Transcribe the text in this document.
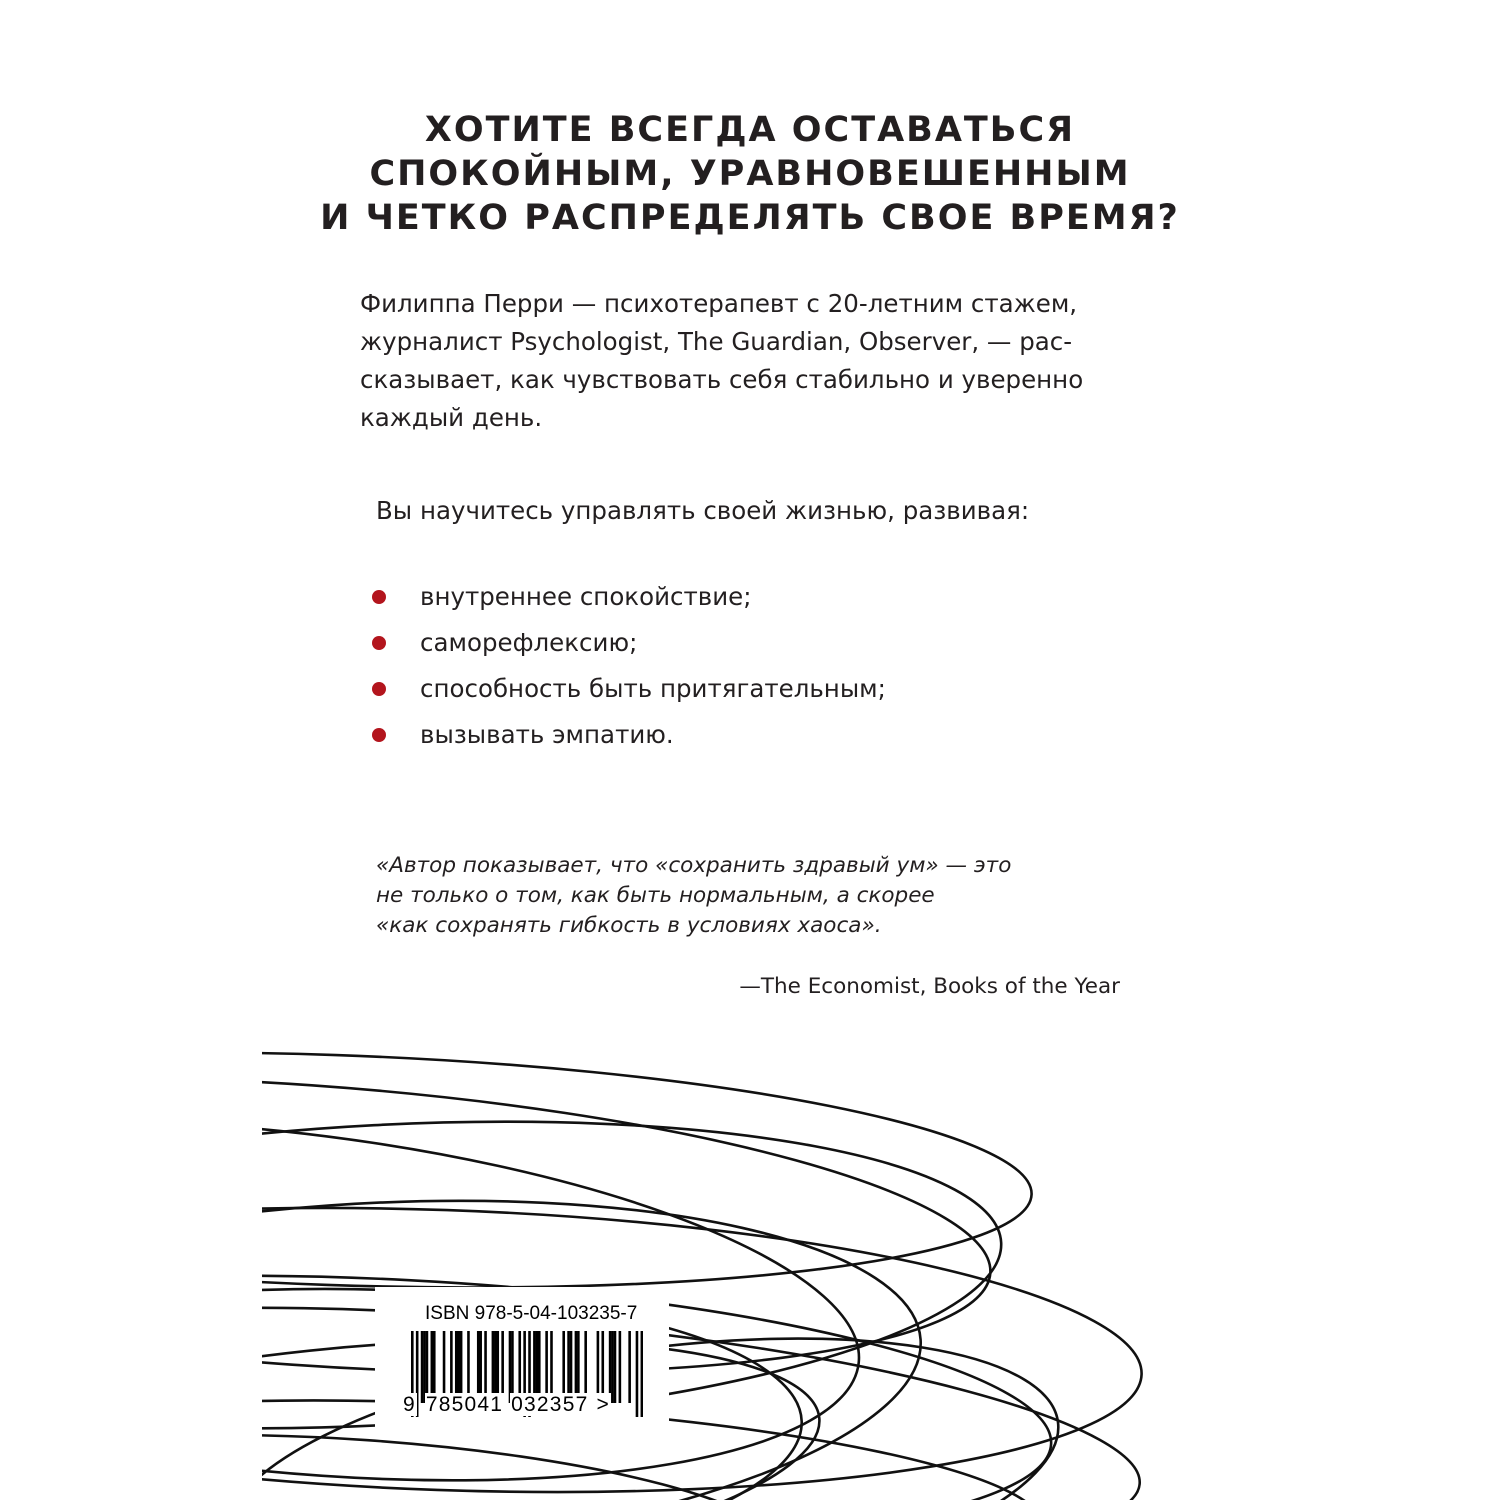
ХОТИТЕ ВСЕГДА ОСТАВАТЬСЯ
СПОКОЙНЫМ, УРАВНОВЕШЕННЫМ
И ЧЕТКО РАСПРЕДЕЛЯТЬ СВОЕ ВРЕМЯ?

Филиппа Перри — психотерапевт с 20-летним стажем,
журналист Psychologist, The Guardian, Observer, — рас-
сказывает, как чувствовать себя стабильно и уверенно
каждый день.

Вы научитесь управлять своей жизнью, развивая:

внутреннее спокойствие;
саморефлексию;
способность быть притягательным;
вызывать эмпатию.
«Автор показывает, что «сохранить здравый ум» — это
не только о том, как быть нормальным, а скорее
«как сохранять гибкость в условиях хаоса».

—The Economist, Books of the Year

ISBN 978-5-04-103235-7
9 785041 032357 >
